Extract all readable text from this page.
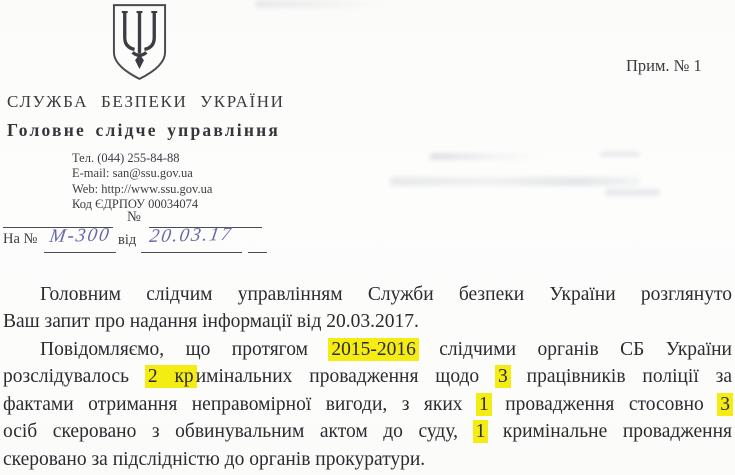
СЛУЖБА БЕЗПЕКИ УКРАЇНИ
Головне слідче управління
Прим. № 1
Тел. (044) 255-84-88
E-mail: san@ssu.gov.ua
Web: http://www.ssu.gov.ua
Код ЄДРПОУ 00034074
№
На № М-300 від 20.03.17
Головним слідчим управлінням Служби безпеки України розглянуто
Ваш запит про надання інформації від 20.03.2017.
Повідомляємо, що протягом 2015-2016 слідчими органів СБ України
розслідувалось 2 кр имінальних провадження щодо 3 працівників поліції за
фактами отримання неправомірної вигоди, з яких 1 провадження стосовно 3
осіб скеровано з обвинувальним актом до суду, 1 кримінальне провадження
скеровано за підслідністю до органів прокуратури.
